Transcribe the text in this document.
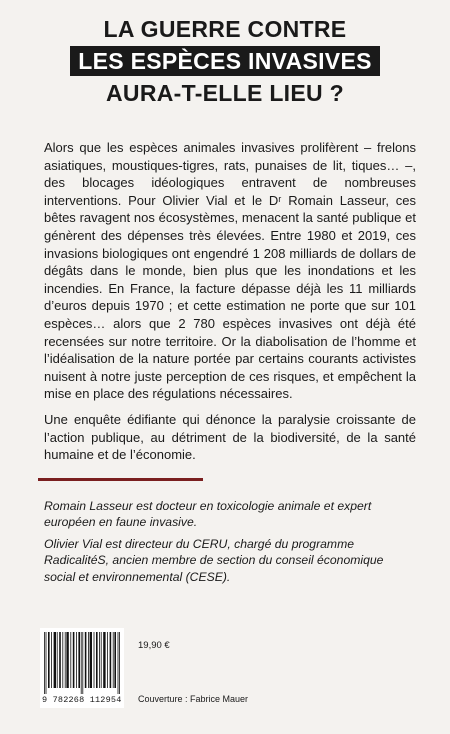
LA GUERRE CONTRE
LES ESPÈCES INVASIVES
AURA-T-ELLE LIEU ?

Alors que les espèces animales invasives prolifèrent – frelons asiatiques, moustiques-tigres, rats, punaises de lit, tiques… –, des blocages idéologiques entravent de nombreuses interventions. Pour Olivier Vial et le Dʳ Romain Lasseur, ces bêtes ravagent nos écosystèmes, menacent la santé publique et génèrent des dépenses très élevées. Entre 1980 et 2019, ces invasions biologiques ont engendré 1 208 milliards de dollars de dégâts dans le monde, bien plus que les inondations et les incendies. En France, la facture dépasse déjà les 11 milliards d’euros depuis 1970 ; et cette estimation ne porte que sur 101 espèces… alors que 2 780 espèces invasives ont déjà été recensées sur notre territoire. Or la diabolisation de l’homme et l’idéalisation de la nature portée par certains courants activistes nuisent à notre juste perception de ces risques, et empêchent la mise en place des régulations nécessaires.

Une enquête édifiante qui dénonce la paralysie croissante de l’action publique, au détriment de la biodiversité, de la santé humaine et de l’économie.

Romain Lasseur est docteur en toxicologie animale et expert européen en faune invasive.

Olivier Vial est directeur du CERU, chargé du programme RadicalitéS, ancien membre de section du conseil économique social et environnemental (CESE).

9 782268 112954
19,90 €
Couverture : Fabrice Mauer
